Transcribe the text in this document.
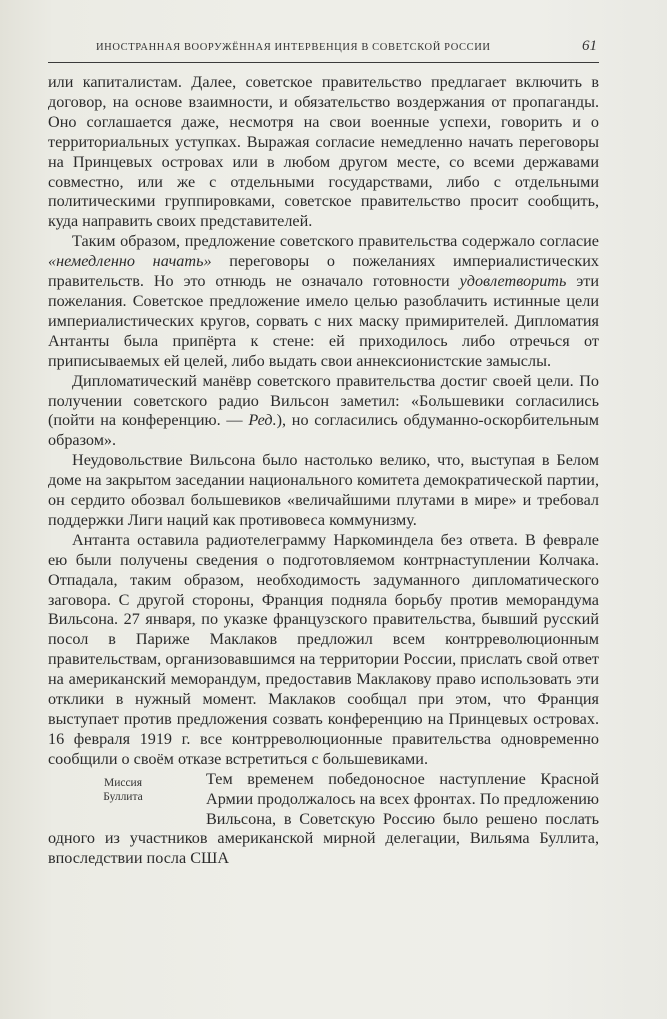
ИНОСТРАННАЯ ВООРУЖЁННАЯ ИНТЕРВЕНЦИЯ В СОВЕТСКОЙ РОССИИ	61

или капиталистам. Далее, советское правительство предлагает включить в договор, на основе взаимности, и обязательство воздержания от пропаганды. Оно соглашается даже, несмотря на свои военные успехи, говорить и о территориальных уступках. Выражая согласие немедленно начать переговоры на Принцевых островах или в любом другом месте, со всеми державами совместно, или же с отдельными государствами, либо с отдельными политическими группировками, советское правительство просит сообщить, куда направить своих представителей.

Таким образом, предложение советского правительства содержало согласие «немедленно начать» переговоры о пожеланиях империалистических правительств. Но это отнюдь не означало готовности удовлетворить эти пожелания. Советское предложение имело целью разоблачить истинные цели империалистических кругов, сорвать с них маску примирителей. Дипломатия Антанты была припёрта к стене: ей приходилось либо отречься от приписываемых ей целей, либо выдать свои аннексионистские замыслы.

Дипломатический манёвр советского правительства достиг своей цели. По получении советского радио Вильсон заметил: «Большевики согласились (пойти на конференцию. — Ред.), но согласились обдуманно-оскорбительным образом».

Неудовольствие Вильсона было настолько велико, что, выступая в Белом доме на закрытом заседании национального комитета демократической партии, он сердито обозвал большевиков «величайшими плутами в мире» и требовал поддержки Лиги наций как противовеса коммунизму.

Антанта оставила радиотелеграмму Наркоминдела без ответа. В феврале ею были получены сведения о подготовляемом контрнаступлении Колчака. Отпадала, таким образом, необходимость задуманного дипломатического заговора. С другой стороны, Франция подняла борьбу против меморандума Вильсона. 27 января, по указке французского правительства, бывший русский посол в Париже Маклаков предложил всем контрреволюционным правительствам, организовавшимся на территории России, прислать свой ответ на американский меморандум, предоставив Маклакову право использовать эти отклики в нужный момент. Маклаков сообщал при этом, что Франция выступает против предложения созвать конференцию на Принцевых островах. 16 февраля 1919 г. все контрреволюционные правительства одновременно сообщили о своём отказе встретиться с большевиками.

Миссия
Буллита

Тем временем победоносное наступление Красной Армии продолжалось на всех фронтах. По предложению Вильсона, в Советскую Россию было решено послать одного из участников американской мирной делегации, Вильяма Буллита, впоследствии посла США
